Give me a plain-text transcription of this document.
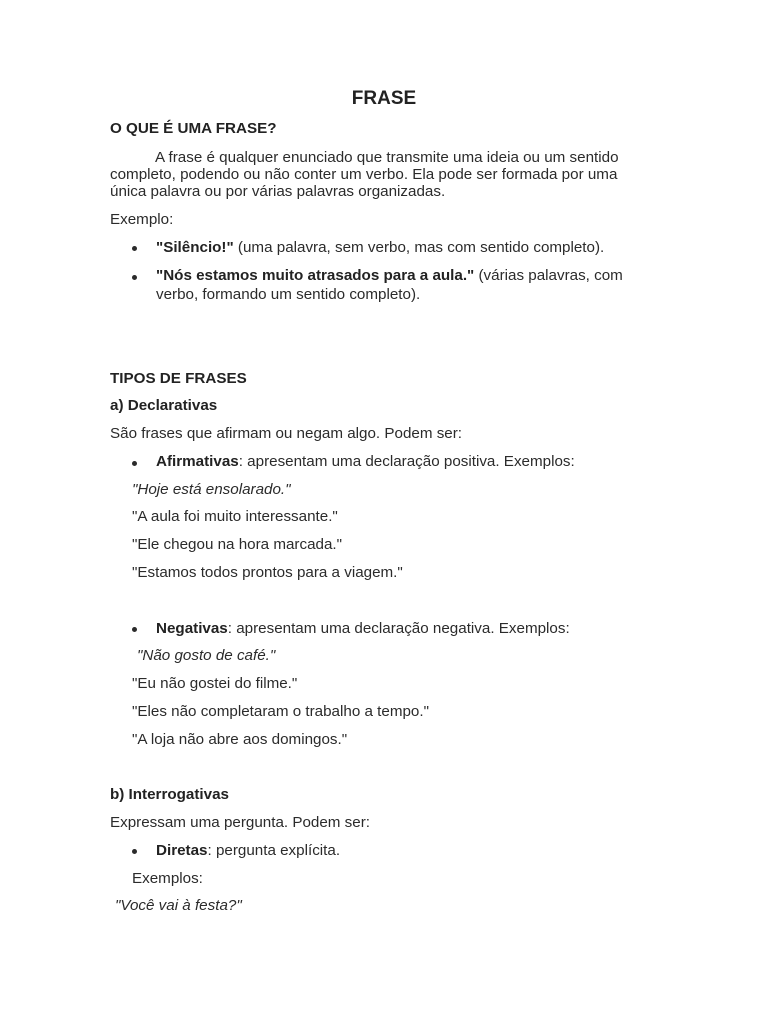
FRASE
O QUE É UMA FRASE?
A frase é qualquer enunciado que transmite uma ideia ou um sentido
completo, podendo ou não conter um verbo. Ela pode ser formada por uma
única palavra ou por várias palavras organizadas.
Exemplo:
"Silêncio!" (uma palavra, sem verbo, mas com sentido completo).
"Nós estamos muito atrasados para a aula." (várias palavras, com
verbo, formando um sentido completo).
TIPOS DE FRASES
a) Declarativas
São frases que afirmam ou negam algo. Podem ser:
Afirmativas: apresentam uma declaração positiva. Exemplos:
"Hoje está ensolarado."
"A aula foi muito interessante."
"Ele chegou na hora marcada."
"Estamos todos prontos para a viagem."
Negativas: apresentam uma declaração negativa. Exemplos:
"Não gosto de café."
"Eu não gostei do filme."
"Eles não completaram o trabalho a tempo."
"A loja não abre aos domingos."
b) Interrogativas
Expressam uma pergunta. Podem ser:
Diretas: pergunta explícita.
Exemplos:
"Você vai à festa?"
